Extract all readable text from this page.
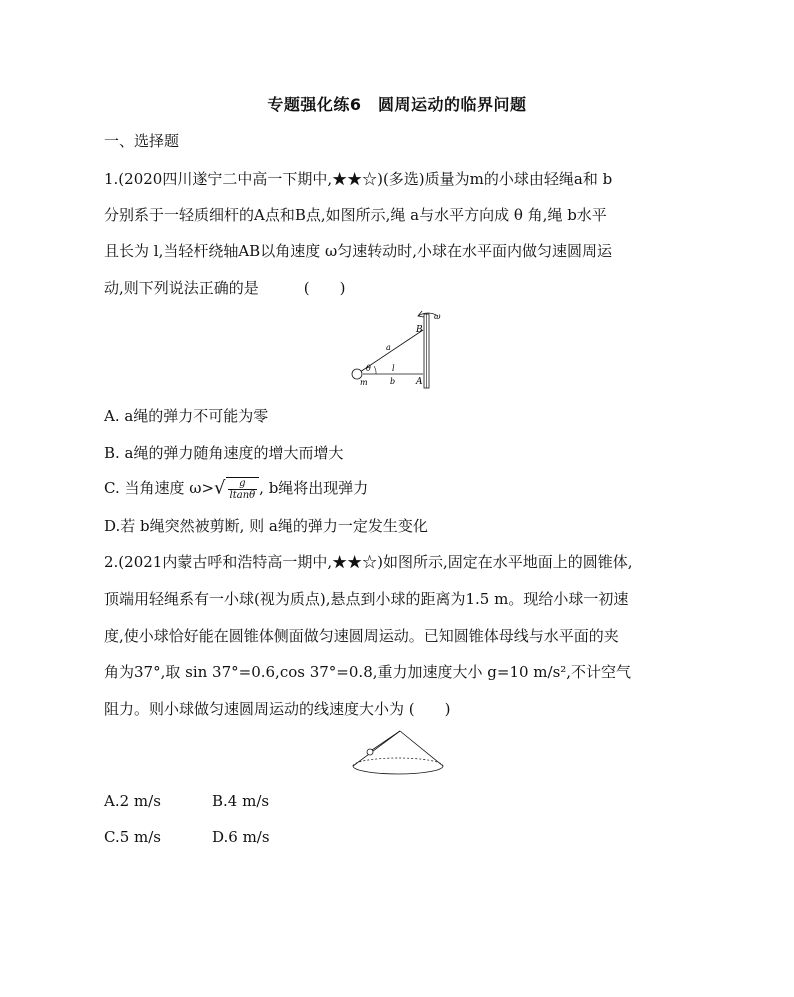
专题强化练6　圆周运动的临界问题
一、选择题
1.(2020四川遂宁二中高一下期中,★★☆)(多选)质量为m的小球由轻绳a和 b
分别系于一轻质细杆的A点和B点,如图所示,绳 a与水平方向成 θ 角,绳 b水平
且长为 l,当轻杆绕轴AB以角速度 ω匀速转动时,小球在水平面内做匀速圆周运
动,则下列说法正确的是　　　(　　)
ω
B
A
a
b
l
θ
m
A. a绳的弹力不可能为零
B. a绳的弹力随角速度的增大而增大
C. 当角速度 $\omega>√ \frac{g}{ltan\theta}$ , b绳将出现弹力
D.若 b绳突然被剪断, 则 a绳的弹力一定发生变化
2.(2021内蒙古呼和浩特高一期中,★★☆)如图所示,固定在水平地面上的圆锥体,
顶端用轻绳系有一小球(视为质点),悬点到小球的距离为1.5 m。现给小球一初速
度,使小球恰好能在圆锥体侧面做匀速圆周运动。已知圆锥体母线与水平面的夹
角为37°,取 sin 37°=0.6,cos 37°=0.8,重力加速度大小 g=10 m/s²,不计空气
阻力。则小球做匀速圆周运动的线速度大小为 (　　)
A.2 m/s	B.4 m/s
C.5 m/s	D.6 m/s
